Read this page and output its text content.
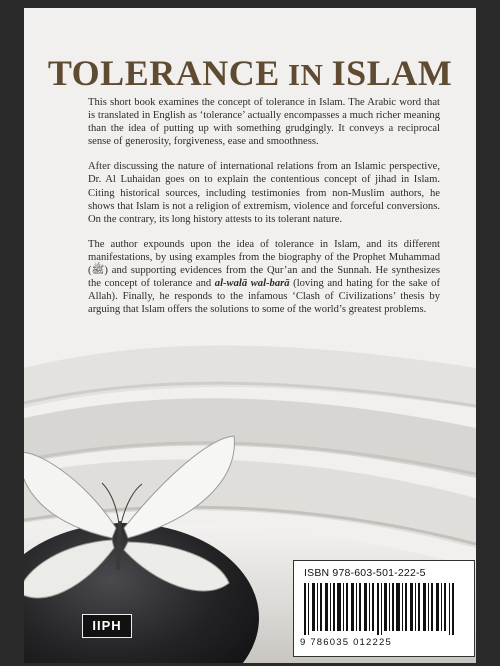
TOLERANCE IN ISLAM

This short book examines the concept of tolerance in Islam. The Arabic word that is translated in English as ‘tolerance’ actually encompasses a much richer meaning than the idea of putting up with something grudgingly. It conveys a reciprocal sense of generosity, forgiveness, ease and smoothness.

After discussing the nature of international relations from an Islamic perspective, Dr. Al Luhaidan goes on to explain the contentious concept of jihad in Islam. Citing historical sources, including testimonies from non-Muslim authors, he shows that Islam is not a religion of extremism, violence and forceful conversions. On the contrary, its long history attests to its tolerant nature.

The author expounds upon the idea of tolerance in Islam, and its different manifestations, by using examples from the biography of the Prophet Muhammad (ﷺ) and supporting evidences from the Qur’an and the Sunnah. He synthesizes the concept of tolerance and al-walā wal-barā (loving and hating for the sake of Allah). Finally, he responds to the infamous ‘Clash of Civilizations’ thesis by arguing that Islam offers the solutions to some of the world’s greatest problems.

ISBN 978-603-501-222-5
9 786035 012225
IIPH
